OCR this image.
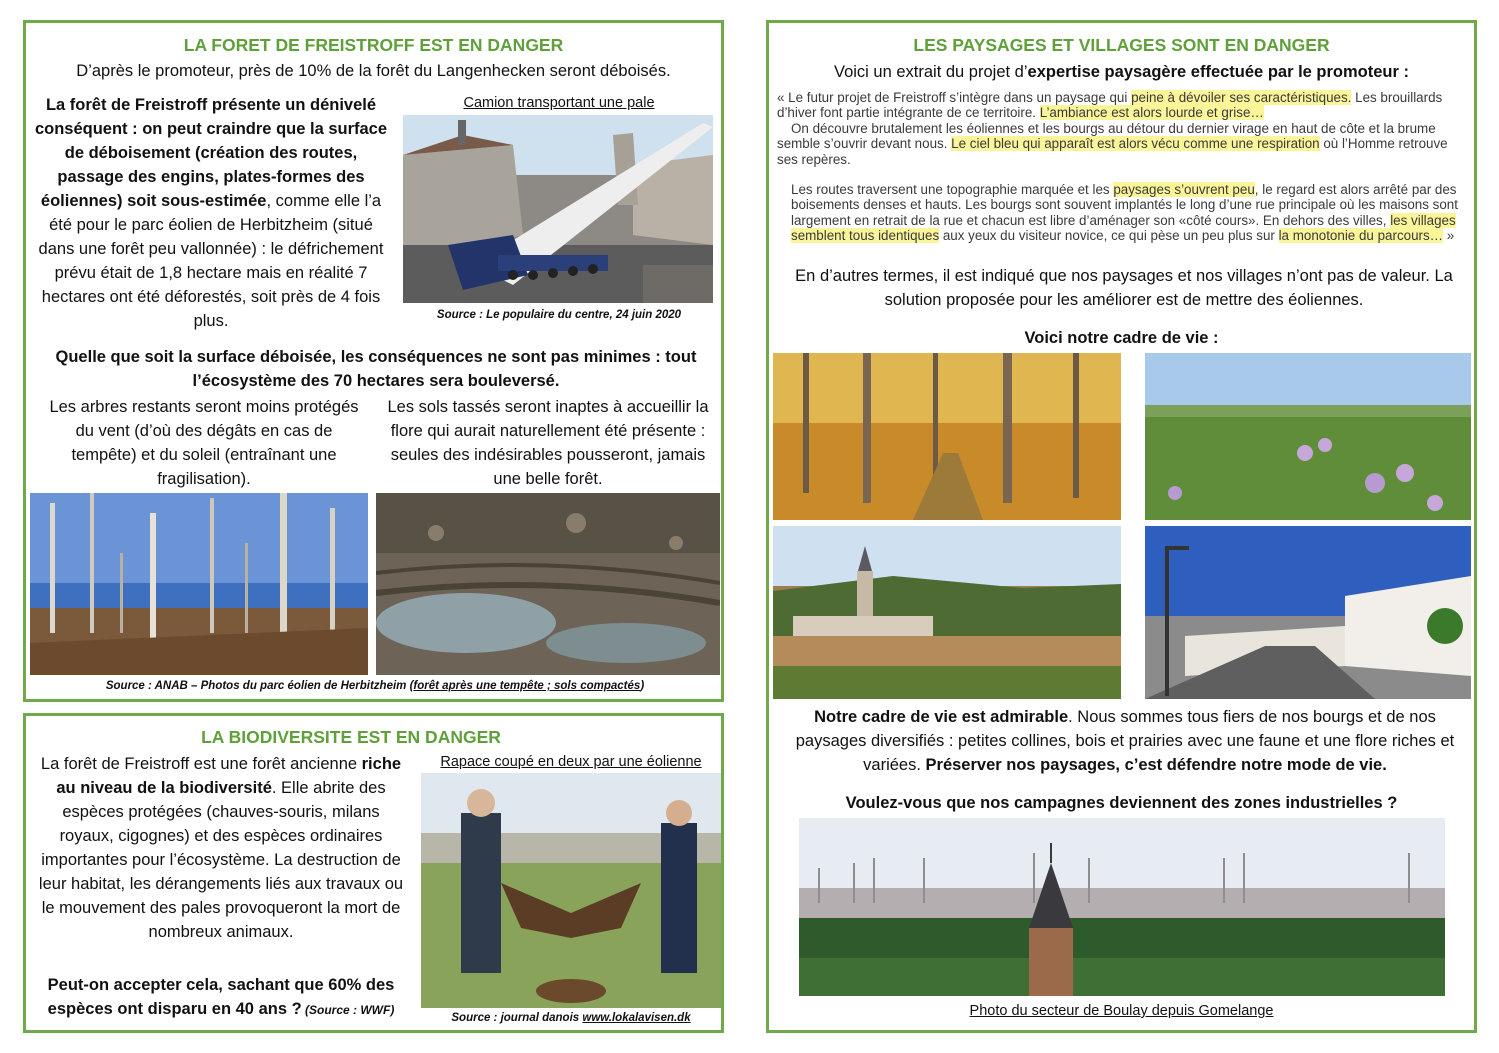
LA FORET DE FREISTROFF EST EN DANGER
D’après le promoteur, près de 10% de la forêt du Langenhecken seront déboisés.
La forêt de Freistroff présente un dénivelé conséquent : on peut craindre que la surface de déboisement (création des routes, passage des engins, plates-formes des éoliennes) soit sous-estimée, comme elle l’a été pour le parc éolien de Herbitzheim (situé dans une forêt peu vallonnée) : le défrichement prévu était de 1,8 hectare mais en réalité 7 hectares ont été déforestés, soit près de 4 fois plus.
Camion transportant une pale
Source : Le populaire du centre, 24 juin 2020
Quelle que soit la surface déboisée, les conséquences ne sont pas minimes : tout l’écosystème des 70 hectares sera bouleversé.
Les arbres restants seront moins protégés du vent (d’où des dégâts en cas de tempête) et du soleil (entraînant une fragilisation).
Les sols tassés seront inaptes à accueillir la flore qui aurait naturellement été présente : seules des indésirables pousseront, jamais une belle forêt.
Source : ANAB – Photos du parc éolien de Herbitzheim (forêt après une tempête ; sols compactés)
LA BIODIVERSITE EST EN DANGER
La forêt de Freistroff est une forêt ancienne riche au niveau de la biodiversité. Elle abrite des espèces protégées (chauves-souris, milans royaux, cigognes) et des espèces ordinaires importantes pour l’écosystème. La destruction de leur habitat, les dérangements liés aux travaux ou le mouvement des pales provoqueront la mort de nombreux animaux.
Peut-on accepter cela, sachant que 60% des espèces ont disparu en 40 ans ? (Source : WWF)
Rapace coupé en deux par une éolienne
Source : journal danois www.lokalavisen.dk
LES PAYSAGES ET VILLAGES SONT EN DANGER
Voici un extrait du projet d’expertise paysagère effectuée par le promoteur :
« Le futur projet de Freistroff s’intègre dans un paysage qui peine à dévoiler ses caractéristiques. Les brouillards d’hiver font partie intégrante de ce territoire. L’ambiance est alors lourde et grise…
On découvre brutalement les éoliennes et les bourgs au détour du dernier virage en haut de côte et la brume semble s’ouvrir devant nous. Le ciel bleu qui apparaît est alors vécu comme une respiration où l’Homme retrouve ses repères.
Les routes traversent une topographie marquée et les paysages s’ouvrent peu, le regard est alors arrêté par des boisements denses et hauts. Les bourgs sont souvent implantés le long d’une rue principale où les maisons sont largement en retrait de la rue et chacun est libre d’aménager son «côté cours». En dehors des villes, les villages semblent tous identiques aux yeux du visiteur novice, ce qui pèse un peu plus sur la monotonie du parcours… »
En d’autres termes, il est indiqué que nos paysages et nos villages n’ont pas de valeur. La solution proposée pour les améliorer est de mettre des éoliennes.
Voici notre cadre de vie :
Notre cadre de vie est admirable. Nous sommes tous fiers de nos bourgs et de nos paysages diversifiés : petites collines, bois et prairies avec une faune et une flore riches et variées. Préserver nos paysages, c’est défendre notre mode de vie.
Voulez-vous que nos campagnes deviennent des zones industrielles ?
Photo du secteur de Boulay depuis Gomelange
